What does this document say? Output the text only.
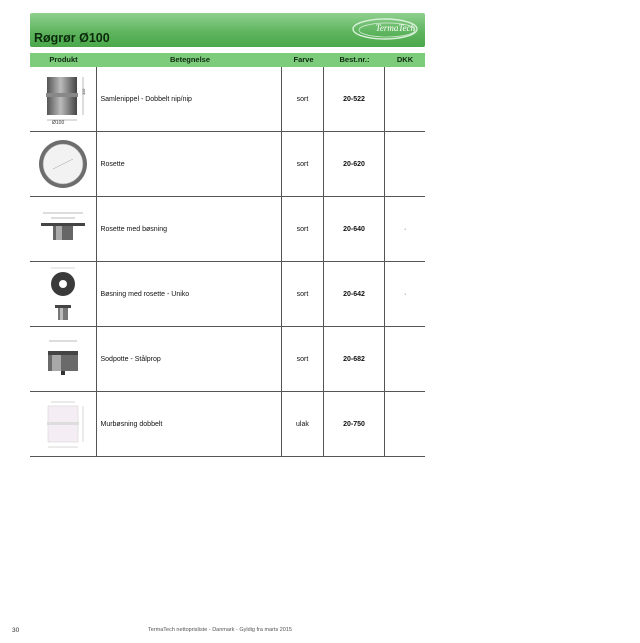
Røgrør Ø100
TermaTech
Produkt	Betegnelse	Farve	Best.nr.:	DKK
110
Samlenippel - Dobbelt nip/nip	sort	20-522
Ø100
Rosette	sort	20-620
Rosette med bøsning	sort	20-640	·
Bøsning med rosette - Uniko	sort	20-642	·
Sodpotte - Stålprop	sort	20-682
Murbøsning dobbelt	ulak	20-750
30	TermaTech nettoprisliste - Danmark - Gyldig fra marts 2015
